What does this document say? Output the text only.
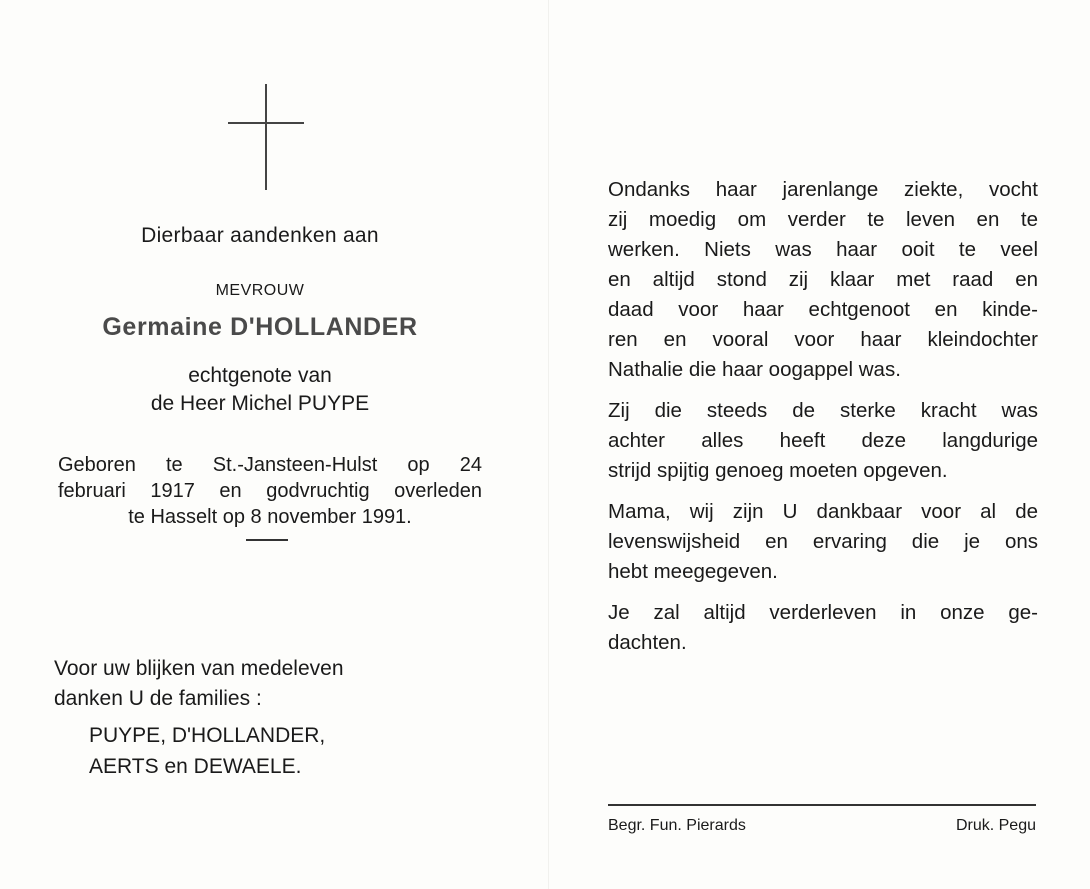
Dierbaar aandenken aan
MEVROUW
Germaine D'HOLLANDER
echtgenote van
de Heer Michel PUYPE
Geboren te St.-Jansteen-Hulst op 24
februari 1917 en godvruchtig overleden
te Hasselt op 8 november 1991.
Voor uw blijken van medeleven
danken U de families :
PUYPE, D'HOLLANDER,
AERTS en DEWAELE.
Ondanks haar jarenlange ziekte, vocht
zij moedig om verder te leven en te
werken. Niets was haar ooit te veel
en altijd stond zij klaar met raad en
daad voor haar echtgenoot en kinde-
ren en vooral voor haar kleindochter
Nathalie die haar oogappel was.
Zij die steeds de sterke kracht was
achter alles heeft deze langdurige
strijd spijtig genoeg moeten opgeven.
Mama, wij zijn U dankbaar voor al de
levenswijsheid en ervaring die je ons
hebt meegegeven.
Je zal altijd verderleven in onze ge-
dachten.
Begr. Fun. Pierards	Druk. Pegu
